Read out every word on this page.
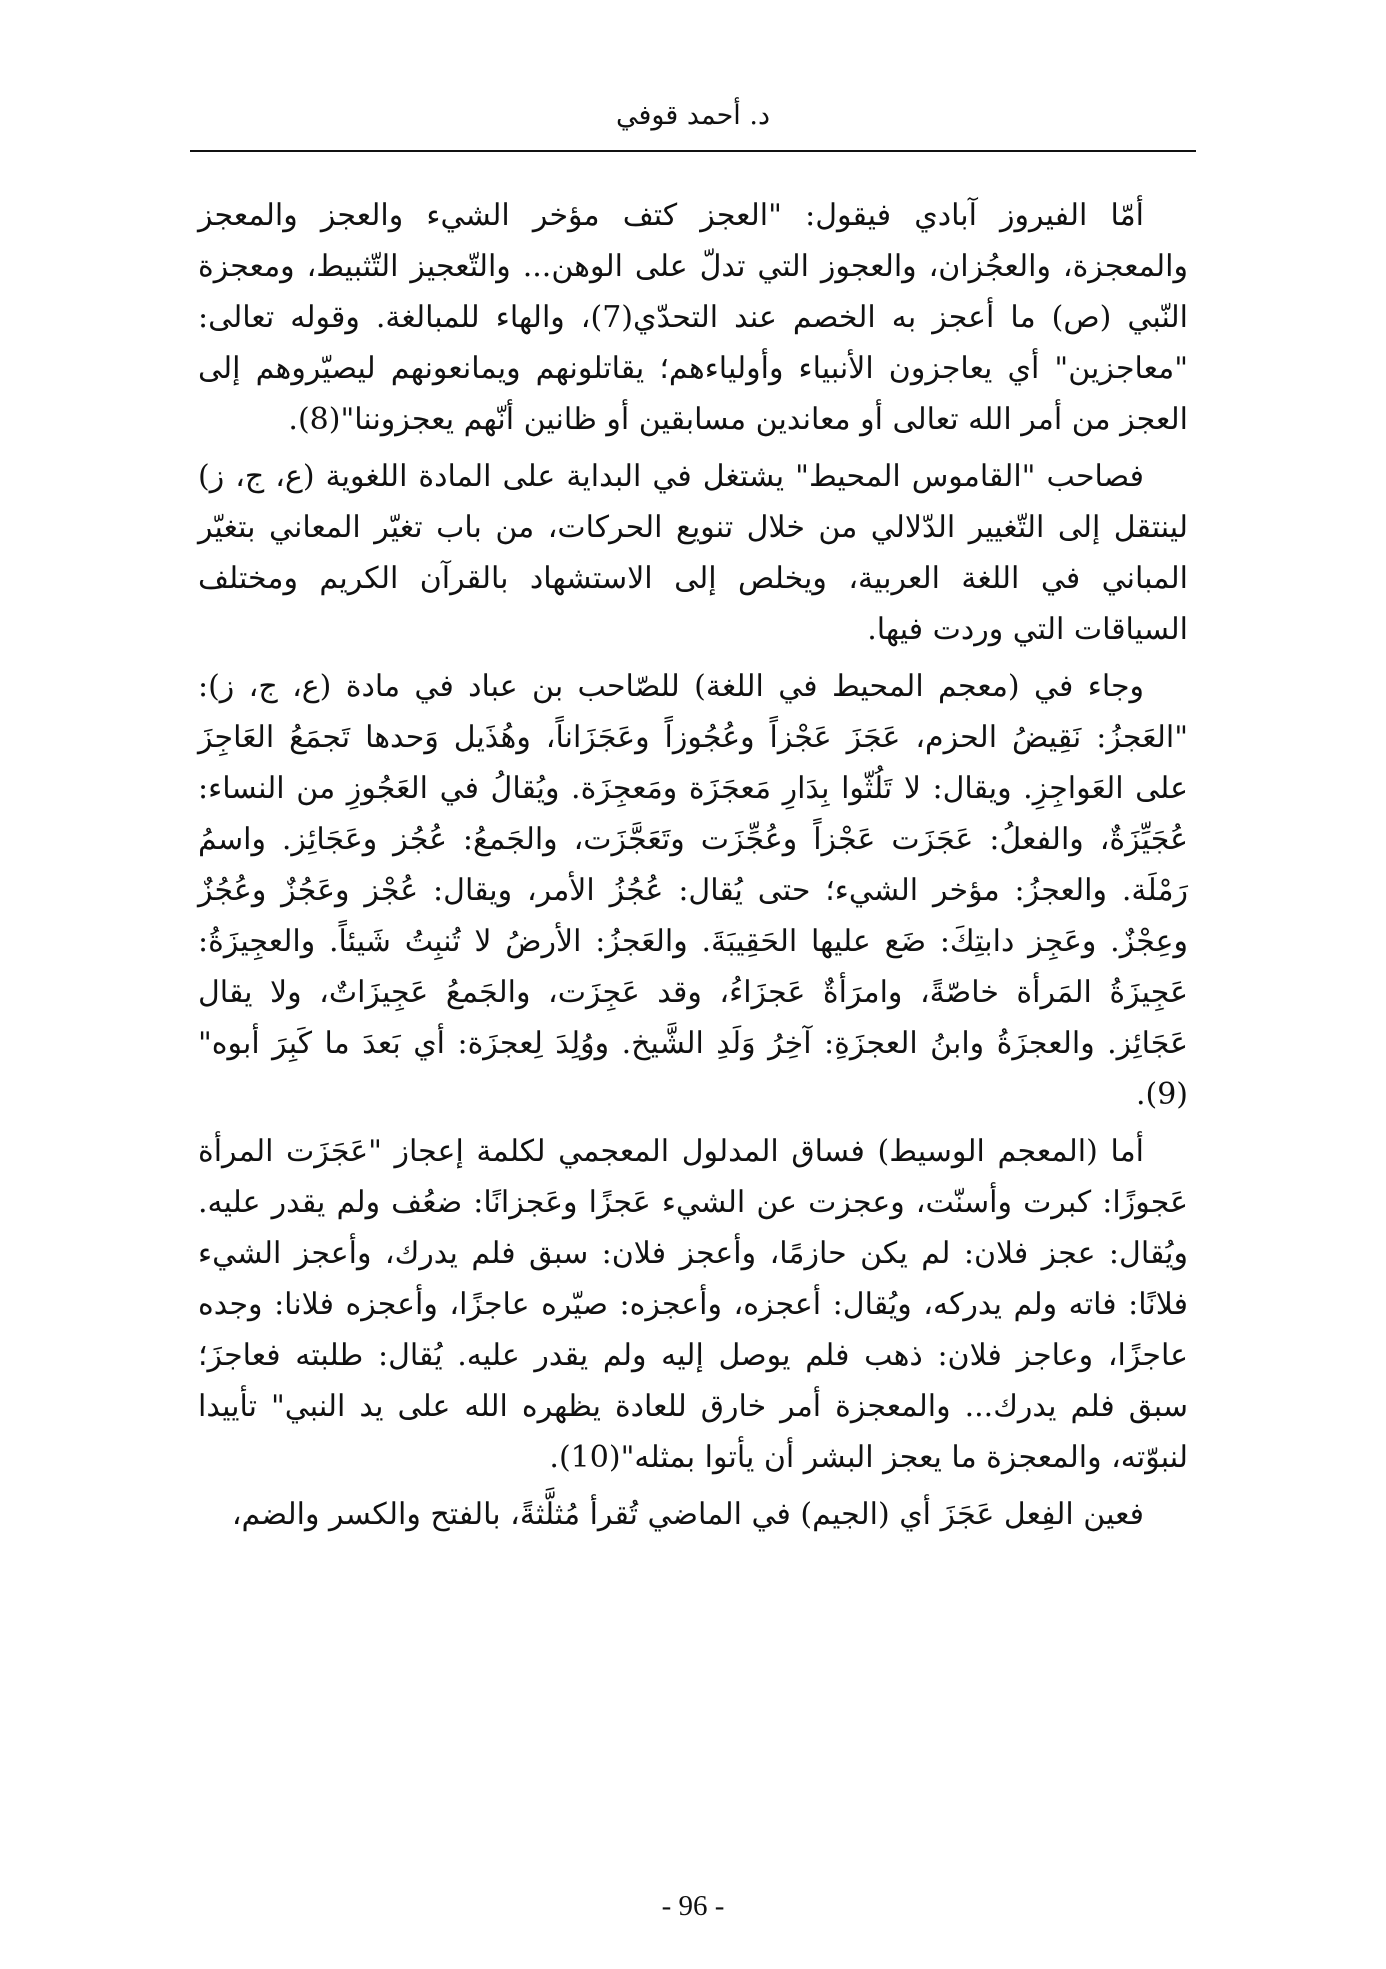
د. أحمد قوفي

أمّا الفيروز آبادي فيقول: "العجز كتف مؤخر الشيء والعجز والمعجز والمعجزة، والعجُزان، والعجوز التي تدلّ على الوهن... والتّعجيز التّثبيط، ومعجزة النّبي (ص) ما أعجز به الخصم عند التحدّي(7)، والهاء للمبالغة. وقوله تعالى: "معاجزين" أي يعاجزون الأنبياء وأولياءهم؛ يقاتلونهم ويمانعونهم ليصيّروهم إلى العجز من أمر الله تعالى أو معاندين مسابقين أو ظانين أنّهم يعجزوننا"(8).

فصاحب "القاموس المحيط" يشتغل في البداية على المادة اللغوية (ع، ج، ز) لينتقل إلى التّغيير الدّلالي من خلال تنويع الحركات، من باب تغيّر المعاني بتغيّر المباني في اللغة العربية، ويخلص إلى الاستشهاد بالقرآن الكريم ومختلف السياقات التي وردت فيها.

وجاء في (معجم المحيط في اللغة) للصّاحب بن عباد في مادة (ع، ج، ز): "العَجزُ: نَقِيضُ الحزم، عَجَزَ عَجْزاً وعُجُوزاً وعَجَزَاناً، وهُذَيل وَحدها تَجمَعُ العَاجِزَ على العَواجِزِ. ويقال: لا تَلُثّوا بِدَارِ مَعجَزَة ومَعجِزَة. ويُقالُ في العَجُوزِ من النساء: عُجَيِّزَةٌ، والفعلُ: عَجَزَت عَجْزاً وعُجِّزَت وتَعَجَّزَت، والجَمعُ: عُجُز وعَجَائِز. واسمُ رَمْلَة. والعجزُ: مؤخر الشيء؛ حتى يُقال: عُجُزُ الأمر، ويقال: عُجْز وعَجُزٌ وعُجُزٌ وعِجْزٌ. وعَجِز دابتِكَ: ضَع عليها الحَقِيبَةَ. والعَجزُ: الأرضُ لا تُنبِتُ شَيئاً. والعجِيزَةُ: عَجِيزَةُ المَرأة خاصّةً، وامرَأةٌ عَجزَاءُ، وقد عَجِزَت، والجَمعُ عَجِيزَاتٌ، ولا يقال عَجَائِز. والعجزَةُ وابنُ العجزَةِ: آخِرُ وَلَدِ الشَّيخ. ووُلِدَ لِعجزَة: أي بَعدَ ما كَبِرَ أبوه"(9).

أما (المعجم الوسيط) فساق المدلول المعجمي لكلمة إعجاز "عَجَزَت المرأة عَجوزًا: كبرت وأسنّت، وعجزت عن الشيء عَجزًا وعَجزانًا: ضعُف ولم يقدر عليه. ويُقال: عجز فلان: لم يكن حازمًا، وأعجز فلان: سبق فلم يدرك، وأعجز الشيء فلانًا: فاته ولم يدركه، ويُقال: أعجزه، وأعجزه: صيّره عاجزًا، وأعجزه فلانا: وجده عاجزًا، وعاجز فلان: ذهب فلم يوصل إليه ولم يقدر عليه. يُقال: طلبته فعاجزَ؛ سبق فلم يدرك... والمعجزة أمر خارق للعادة يظهره الله على يد النبي" تأييدا لنبوّته، والمعجزة ما يعجز البشر أن يأتوا بمثله"(10).

فعين الفِعل عَجَزَ أي (الجيم) في الماضي تُقرأ مُثلَّثةً، بالفتح والكسر والضم،

- 96 -
